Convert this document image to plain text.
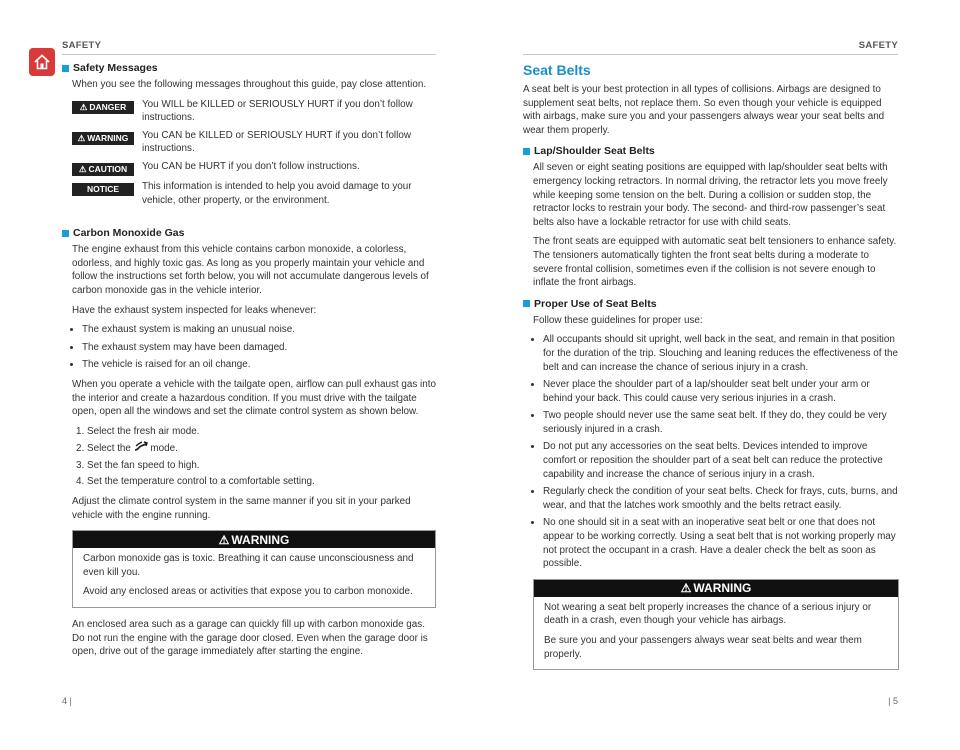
SAFETY	SAFETY
Safety Messages

When you see the following messages throughout this guide, pay close attention.

⚠ DANGER You WILL be KILLED or SERIOUSLY HURT if you don’t follow instructions.
⚠ WARNING You CAN be KILLED or SERIOUSLY HURT if you don’t follow instructions.
⚠ CAUTION You CAN be HURT if you don’t follow instructions.
NOTICE	This information is intended to help you avoid damage to your vehicle, other property, or the environment.
Carbon Monoxide Gas

The engine exhaust from this vehicle contains carbon monoxide, a colorless, odorless, and highly toxic gas. As long as you properly maintain your vehicle and follow the instructions set forth below, you will not accumulate dangerous levels of carbon monoxide gas in the vehicle interior.

Have the exhaust system inspected for leaks whenever:

• The exhaust system is making an unusual noise.
• The exhaust system may have been damaged.
• The vehicle is raised for an oil change.

When you operate a vehicle with the tailgate open, airflow can pull exhaust gas into the interior and create a hazardous condition. If you must drive with the tailgate open, open all the windows and set the climate control system as shown below.

1. Select the fresh air mode.
2. Select the  mode.
3. Set the fan speed to high.
4. Set the temperature control to a comfortable setting.

Adjust the climate control system in the same manner if you sit in your parked vehicle with the engine running.

⚠ WARNING

Carbon monoxide gas is toxic. Breathing it can cause unconsciousness and even kill you.

Avoid any enclosed areas or activities that expose you to carbon monoxide.

An enclosed area such as a garage can quickly fill up with carbon monoxide gas. Do not run the engine with the garage door closed. Even when the garage door is open, drive out of the garage immediately after starting the engine.

Seat Belts

A seat belt is your best protection in all types of collisions. Airbags are designed to supplement seat belts, not replace them. So even though your vehicle is equipped with airbags, make sure you and your passengers always wear your seat belts and wear them properly.

Lap/Shoulder Seat Belts

All seven or eight seating positions are equipped with lap/shoulder seat belts with emergency locking retractors. In normal driving, the retractor lets you move freely while keeping some tension on the belt. During a collision or sudden stop, the retractor locks to restrain your body. The second- and third-row passenger’s seat belts also have a lockable retractor for use with child seats.

The front seats are equipped with automatic seat belt tensioners to enhance safety. The tensioners automatically tighten the front seat belts during a moderate to severe frontal collision, sometimes even if the collision is not severe enough to inflate the front airbags.

Proper Use of Seat Belts

Follow these guidelines for proper use:

• All occupants should sit upright, well back in the seat, and remain in that position for the duration of the trip. Slouching and leaning reduces the effectiveness of the belt and can increase the chance of serious injury in a crash.
• Never place the shoulder part of a lap/shoulder seat belt under your arm or behind your back. This could cause very serious injuries in a crash.
• Two people should never use the same seat belt. If they do, they could be very seriously injured in a crash.
• Do not put any accessories on the seat belts. Devices intended to improve comfort or reposition the shoulder part of a seat belt can reduce the protective capability and increase the chance of serious injury in a crash.
• Regularly check the condition of your seat belts. Check for frays, cuts, burns, and wear, and that the latches work smoothly and the belts retract easily.
• No one should sit in a seat with an inoperative seat belt or one that does not appear to be working correctly. Using a seat belt that is not working properly may not protect the occupant in a crash. Have a dealer check the belt as soon as possible.
⚠ WARNING

Not wearing a seat belt properly increases the chance of a serious injury or death in a crash, even though your vehicle has airbags.

Be sure you and your passengers always wear seat belts and wear them properly.

4 |	| 5
